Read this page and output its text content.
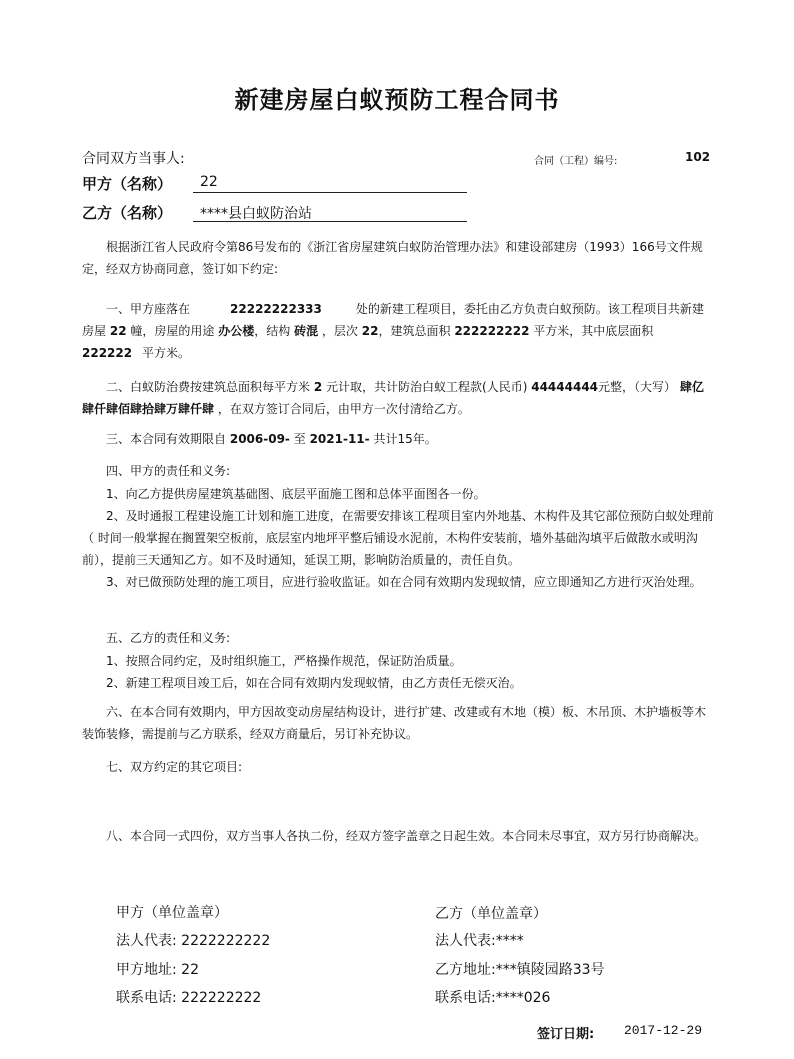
新建房屋白蚁预防工程合同书
合同双方当事人:	合同（工程）编号:	102
甲方（名称） 22
乙方（名称） ****县白蚁防治站
根据浙江省人民政府令第86号发布的《浙江省房屋建筑白蚁防治管理办法》和建设部建房（1993）166号文件规定，经双方协商同意，签订如下约定:
一、甲方座落在	22222222333	处的新建工程项目，委托由乙方负责白蚁预防。该工程项目共新建房屋 22 幢，房屋的用途 办公楼，结构 砖混 ，层次 22，建筑总面积 222222222 平方米，其中底层面积 222222 平方米。
二、白蚁防治费按建筑总面积每平方米 2 元计取，共计防治白蚁工程款(人民币) 44444444元整，（大写） 肆亿肆仟肆佰肆拾肆万肆仟肆 ，在双方签订合同后，由甲方一次付清给乙方。
三、本合同有效期限自 2006-09- 至 2021-11- 共计15年。
四、甲方的责任和义务:
1、向乙方提供房屋建筑基础图、底层平面施工图和总体平面图各一份。
2、及时通报工程建设施工计划和施工进度，在需要安排该工程项目室内外地基、木构件及其它部位预防白蚁处理前（ 时间一般掌握在搁置架空板前，底层室内地坪平整后铺设水泥前，木构件安装前，墙外基础沟填平后做散水或明沟前），提前三天通知乙方。如不及时通知，延误工期，影响防治质量的，责任自负。
3、对已做预防处理的施工项目，应进行验收监证。如在合同有效期内发现蚁情，应立即通知乙方进行灭治处理。
五、乙方的责任和义务:
1、按照合同约定，及时组织施工，严格操作规范，保证防治质量。
2、新建工程项目竣工后，如在合同有效期内发现蚁情，由乙方责任无偿灭治。
六、在本合同有效期内，甲方因故变动房屋结构设计，进行扩建、改建或有木地（模）板、木吊顶、木护墙板等木装饰装修，需提前与乙方联系，经双方商量后，另订补充协议。
七、双方约定的其它项目:
八、本合同一式四份，双方当事人各执二份，经双方签字盖章之日起生效。本合同未尽事宜，双方另行协商解决。
甲方（单位盖章）
法人代表: 2222222222
甲方地址: 22
联系电话: 222222222
乙方（单位盖章）
法人代表:****
乙方地址:***镇陵园路33号
联系电话:****026
签订日期: 2017-12-29
